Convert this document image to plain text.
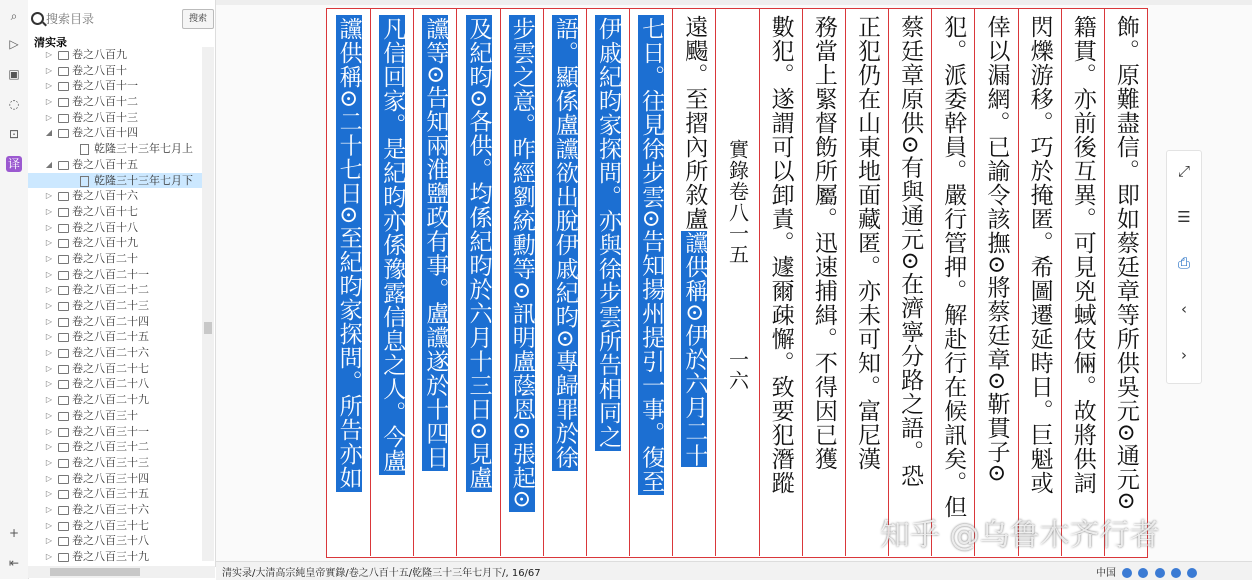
⌕
▷
▣
◌
⊡
译
+
⇤
搜索目录
搜索
清实录
▷ 卷之八百九
▷ 卷之八百十
▷ 卷之八百十一
▷ 卷之八百十二
▷ 卷之八百十三
◢ 卷之八百十四
乾隆三十三年七月上
◢ 卷之八百十五
乾隆三十三年七月下
▷ 卷之八百十六
▷ 卷之八百十七
▷ 卷之八百十八
▷ 卷之八百十九
▷ 卷之八百二十
▷ 卷之八百二十一
▷ 卷之八百二十二
▷ 卷之八百二十三
▷ 卷之八百二十四
▷ 卷之八百二十五
▷ 卷之八百二十六
▷ 卷之八百二十七
▷ 卷之八百二十八
▷ 卷之八百二十九
▷ 卷之八百三十
▷ 卷之八百三十一
▷ 卷之八百三十二
▷ 卷之八百三十三
▷ 卷之八百三十四
▷ 卷之八百三十五
▷ 卷之八百三十六
▷ 卷之八百三十七
▷ 卷之八百三十八
▷ 卷之八百三十九
飾。原難盡信。即如蔡廷章等所供吳元⊙通元⊙
籍貫。亦前後互異。可見兇蜮伎倆。故將供詞
閃爍游移。巧於掩匿。希圖遷延時日。巨魁或
倖以漏網。已諭令該撫⊙將蔡廷章⊙靳貫子⊙
犯。派委幹員。嚴行管押。解赴行在候訊矣。但
蔡廷章原供⊙有與通元⊙在濟寧分路之語。恐
正犯仍在山東地面藏匿。亦未可知。富尼漢
務當上緊督飭所屬。迅速捕緝。不得因已獲
數犯。遂謂可以卸責。遽爾疎懈。致要犯潛蹤
實錄卷八一五
一六
遠颺。至摺內所敘盧讜供稱⊙伊於六月二十
七日。往見徐步雲⊙告知揚州提引一事。復至
伊戚紀昀家探問。亦與徐步雲所告相同之
語。顯係盧讜欲出脫伊戚紀昀⊙專歸罪於徐
步雲之意。昨經劉統勳等⊙訊明盧蔭恩⊙張起⊙
及紀昀⊙各供。均係紀昀於六月十三日⊙見盧
讜等⊙告知兩淮鹽政有事。盧讜遂於十四日
凡信回家。是紀昀亦係豫露信息之人。今盧
讜供稱⊙二十七日⊙至紀昀家探問。所告亦如	⤢
☰
⎙
‹
›
知乎 @乌鲁木齐行者
清实录/大清高宗純皇帝實錄/卷之八百十五/乾隆三十三年七月下/, 16/67	中国
